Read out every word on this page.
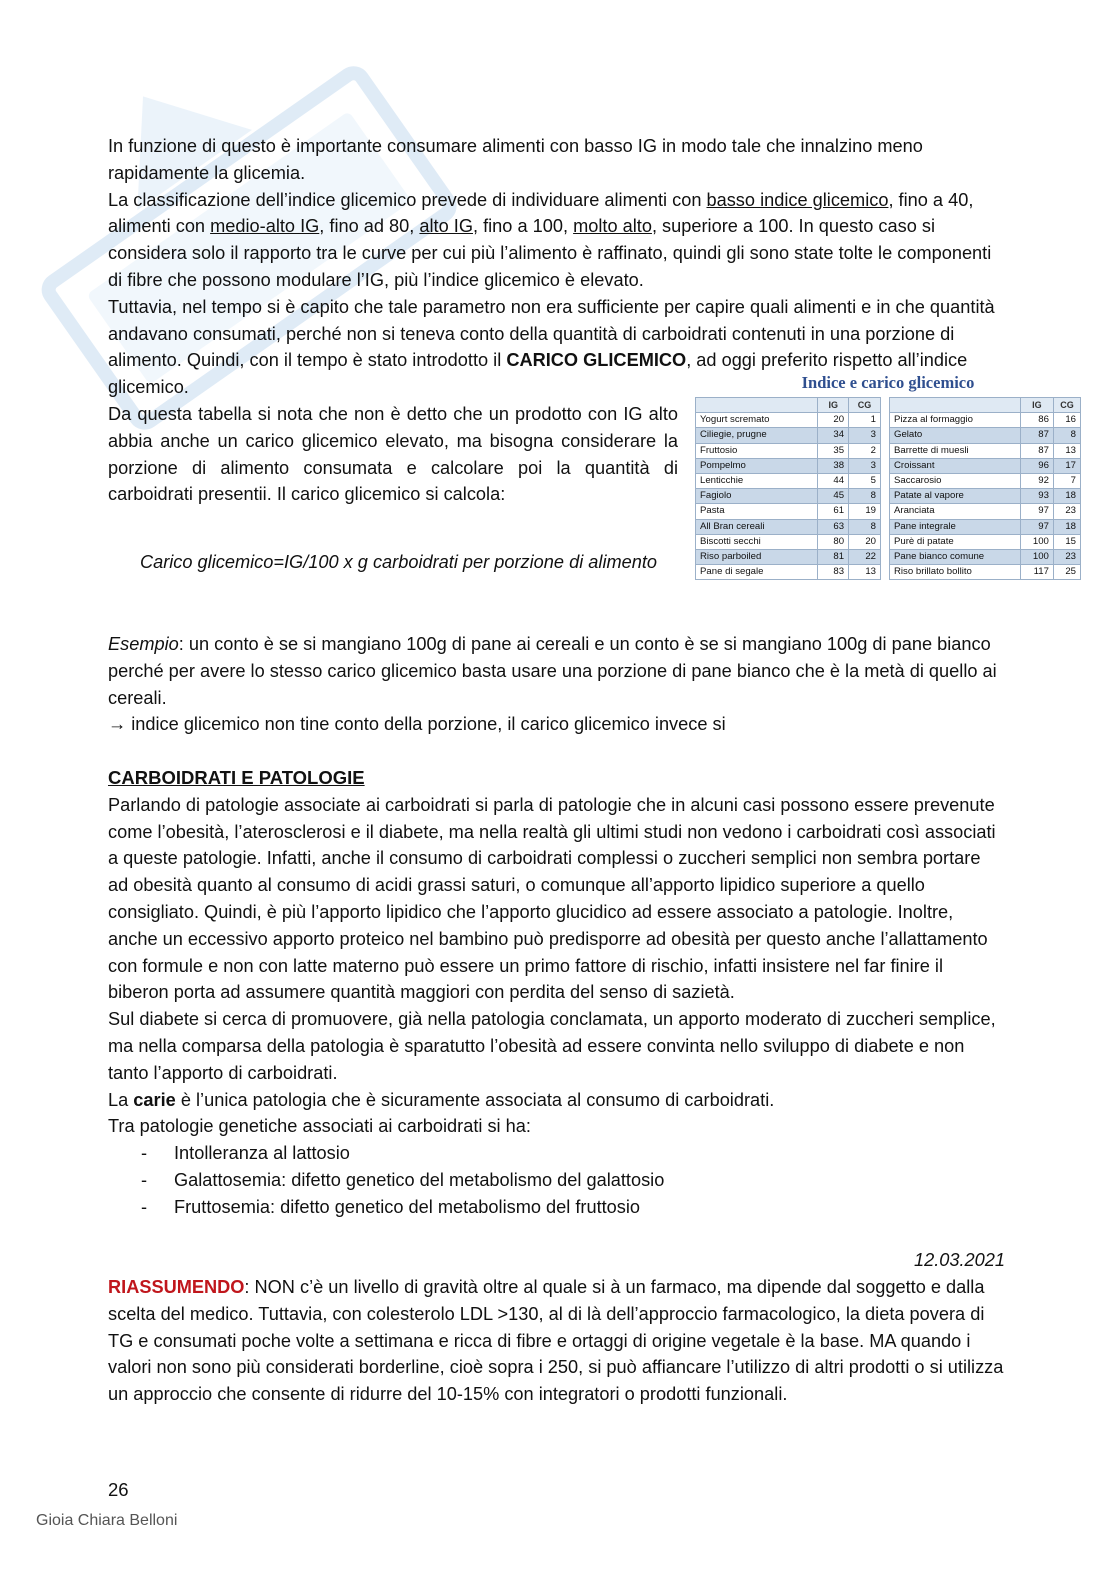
In funzione di questo è importante consumare alimenti con basso IG in modo tale che innalzino meno rapidamente la glicemia.

La classificazione dell’indice glicemico prevede di individuare alimenti con basso indice glicemico, fino a 40, alimenti con medio-alto IG, fino ad 80, alto IG, fino a 100, molto alto, superiore a 100. In questo caso si considera solo il rapporto tra le curve per cui più l’alimento è raffinato, quindi gli sono state tolte le componenti di fibre che possono modulare l’IG, più l’indice glicemico è elevato.

Tuttavia, nel tempo si è capito che tale parametro non era sufficiente per capire quali alimenti e in che quantità andavano consumati, perché non si teneva conto della quantità di carboidrati contenuti in una porzione di alimento. Quindi, con il tempo è stato introdotto il CARICO GLICEMICO, ad oggi preferito rispetto all’indice glicemico.

Da questa tabella si nota che non è detto che un prodotto con IG alto abbia anche un carico glicemico elevato, ma bisogna considerare la porzione di alimento consumata e calcolare poi la quantità di carboidrati presentii. Il carico glicemico si calcola:

Carico glicemico=IG/100 x g carboidrati per porzione di alimento
Indice e carico glicemico
	IG	CG
Yogurt scremato	20	1
Ciliegie, prugne	34	3
Fruttosio	35	2
Pompelmo	38	3
Lenticchie	44	5
Fagiolo	45	8
Pasta	61	19
All Bran cereali	63	8
Biscotti secchi	80	20
Riso parboiled	81	22
Pane di segale	83	13
	IG	CG
Pizza al formaggio	86	16
Gelato	87	8
Barrette di muesli	87	13
Croissant	96	17
Saccarosio	92	7
Patate al vapore	93	18
Aranciata	97	23
Pane integrale	97	18
Purè di patate	100	15
Pane bianco comune	100	23
Riso brillato bollito	117	25

Esempio: un conto è se si mangiano 100g di pane ai cereali e un conto è se si mangiano 100g di pane bianco perché per avere lo stesso carico glicemico basta usare una porzione di pane bianco che è la metà di quello ai cereali.

→ indice glicemico non tine conto della porzione, il carico glicemico invece si

CARBOIDRATI E PATOLOGIE

Parlando di patologie associate ai carboidrati si parla di patologie che in alcuni casi possono essere prevenute come l’obesità, l’aterosclerosi e il diabete, ma nella realtà gli ultimi studi non vedono i carboidrati così associati a queste patologie. Infatti, anche il consumo di carboidrati complessi o zuccheri semplici non sembra portare ad obesità quanto al consumo di acidi grassi saturi, o comunque all’apporto lipidico superiore a quello consigliato. Quindi, è più l’apporto lipidico che l’apporto glucidico ad essere associato a patologie. Inoltre, anche un eccessivo apporto proteico nel bambino può predisporre ad obesità per questo anche l’allattamento con formule e non con latte materno può essere un primo fattore di rischio, infatti insistere nel far finire il biberon porta ad assumere quantità maggiori con perdita del senso di sazietà.

Sul diabete si cerca di promuovere, già nella patologia conclamata, un apporto moderato di zuccheri semplice, ma nella comparsa della patologia è sparatutto l’obesità ad essere convinta nello sviluppo di diabete e non tanto l’apporto di carboidrati.

La carie è l’unica patologia che è sicuramente associata al consumo di carboidrati.

Tra patologie genetiche associati ai carboidrati si ha:

- Intolleranza al lattosio
- Galattosemia: difetto genetico del metabolismo del galattosio
- Fruttosemia: difetto genetico del metabolismo del fruttosio
12.03.2021

RIASSUMENDO: NON c’è un livello di gravità oltre al quale si à un farmaco, ma dipende dal soggetto e dalla scelta del medico. Tuttavia, con colesterolo LDL >130, al di là dell’approccio farmacologico, la dieta povera di TG e consumati poche volte a settimana e ricca di fibre e ortaggi di origine vegetale è la base. MA quando i valori non sono più considerati borderline, cioè sopra i 250, si può affiancare l’utilizzo di altri prodotti o si utilizza un approccio che consente di ridurre del 10-15% con integratori o prodotti funzionali.

26
Gioia Chiara Belloni
